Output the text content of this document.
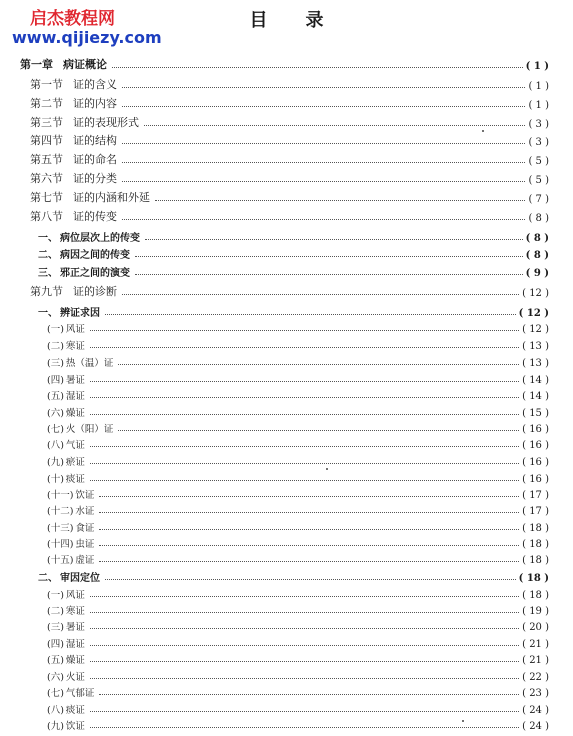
启杰教程网
www.qijiezy.com
目录
第一章 病证概论	( 1 )
第一节 证的含义	( 1 )
第二节 证的内容	( 1 )
第三节 证的表现形式	( 3 )
第四节 证的结构	( 3 )
第五节 证的命名	( 5 )
第六节 证的分类	( 5 )
第七节 证的内涵和外延	( 7 )
第八节 证的传变	( 8 )
一、 病位层次上的传变	( 8 )
二、 病因之间的传变	( 8 )
三、 邪正之间的演变	( 9 )
第九节 证的诊断	( 12 )
一、 辨证求因	( 12 )
(一) 风证	( 12 )
(二) 寒证	( 13 )
(三) 热（温）证	( 13 )
(四) 暑证	( 14 )
(五) 湿证	( 14 )
(六) 燥证	( 15 )
(七) 火（阳）证	( 16 )
(八) 气证	( 16 )
(九) 瘀证	( 16 )
(十) 痰证	( 16 )
(十一) 饮证	( 17 )
(十二) 水证	( 17 )
(十三) 食证	( 18 )
(十四) 虫证	( 18 )
(十五) 虚证	( 18 )
二、 审因定位	( 18 )
(一) 风证	( 18 )
(二) 寒证	( 19 )
(三) 暑证	( 20 )
(四) 湿证	( 21 )
(五) 燥证	( 21 )
(六) 火证	( 22 )
(七) 气郁证	( 23 )
(八) 痰证	( 24 )
(九) 饮证	( 24 )
